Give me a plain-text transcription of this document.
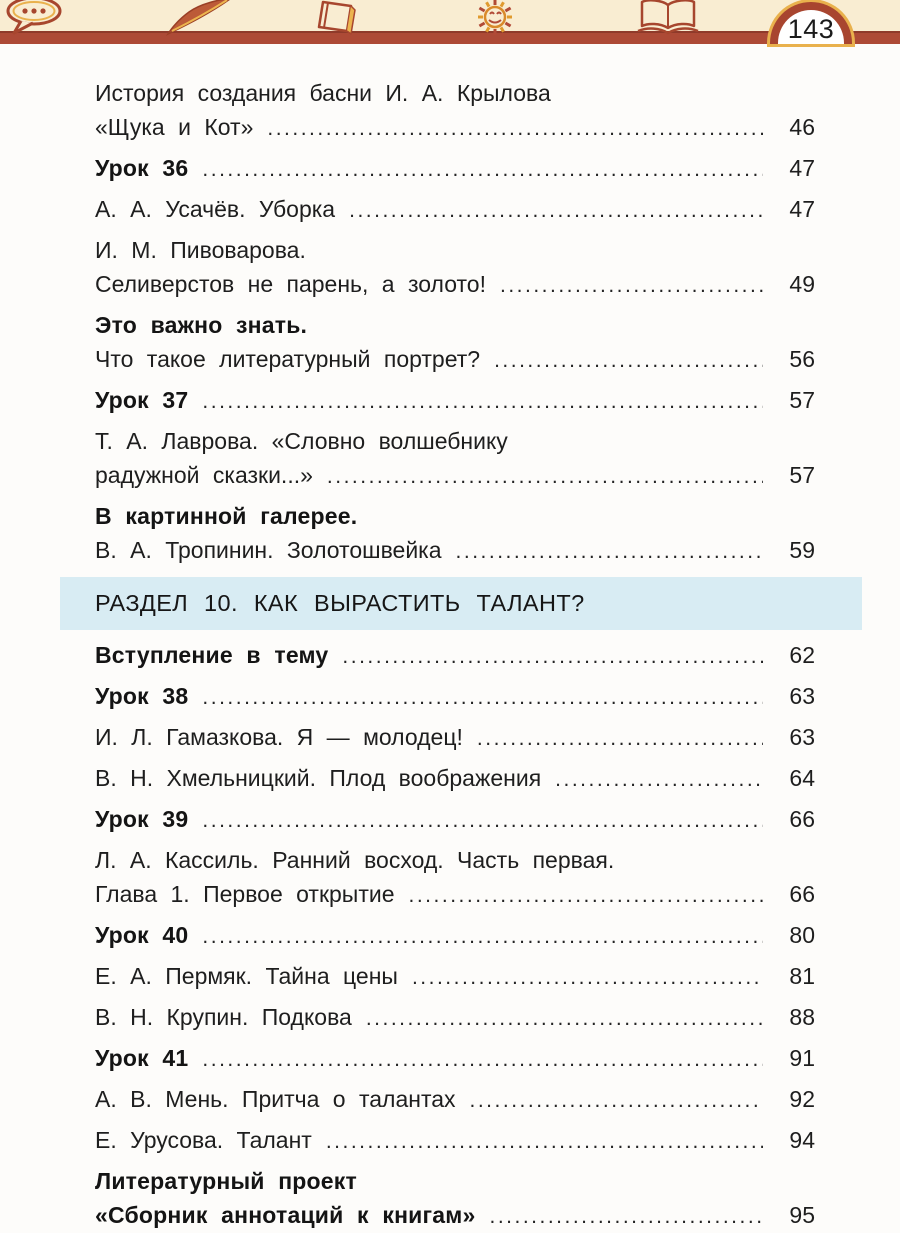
143
История создания басни И. А. Крылова
«Щука и Кот» .....	46
Урок 36 .....	47
А. А. Усачёв. Уборка .....	47
И. М. Пивоварова.
Селиверстов не парень, а золото! .....	49
Это важно знать.
Что такое литературный портрет? .....	56
Урок 37 .....	57
Т. А. Лаврова. «Словно волшебнику
радужной сказки...» .....	57
В картинной галерее.
В. А. Тропинин. Золотошвейка .....	59
РАЗДЕЛ 10. КАК ВЫРАСТИТЬ ТАЛАНТ?
Вступление в тему .....	62
Урок 38 .....	63
И. Л. Гамазкова. Я — молодец! .....	63
В. Н. Хмельницкий. Плод воображения .....	64
Урок 39 .....	66
Л. А. Кассиль. Ранний восход. Часть первая.
Глава 1. Первое открытие .....	66
Урок 40 .....	80
Е. А. Пермяк. Тайна цены .....	81
В. Н. Крупин. Подкова .....	88
Урок 41 .....	91
А. В. Мень. Притча о талантах .....	92
Е. Урусова. Талант .....	94
Литературный проект
«Сборник аннотаций к книгам» .....	95
